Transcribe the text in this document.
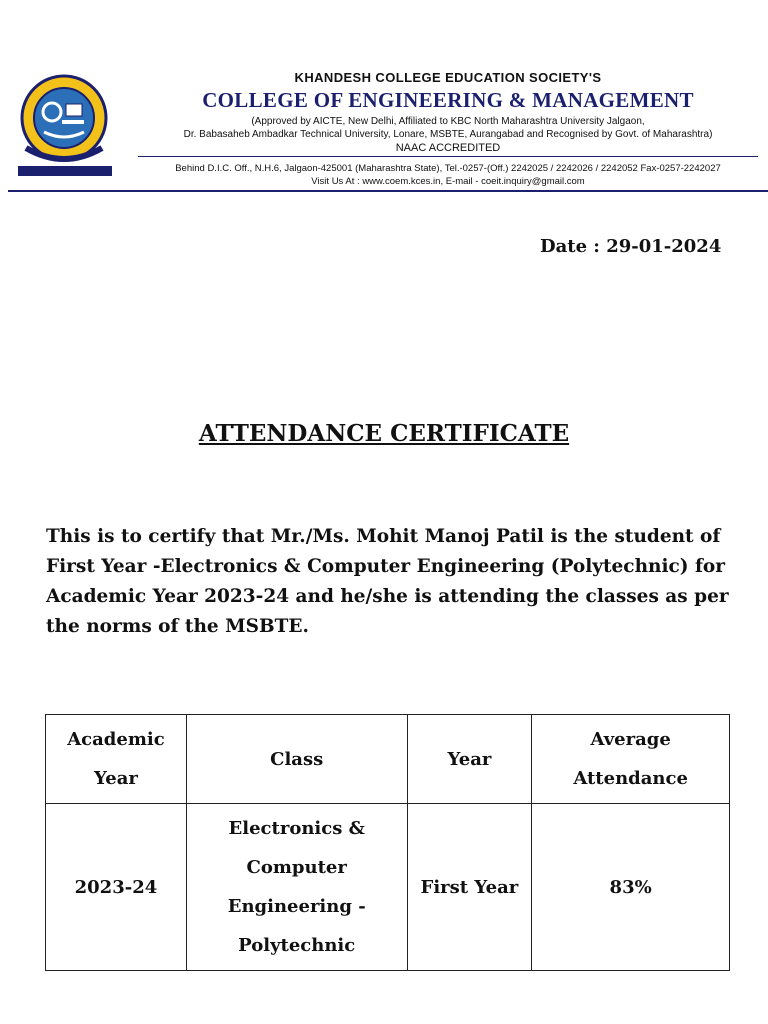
KHANDESH COLLEGE EDUCATION SOCIETY'S
COLLEGE OF ENGINEERING & MANAGEMENT
(Approved by AICTE, New Delhi, Affiliated to KBC North Maharashtra University Jalgaon,
Dr. Babasaheb Ambadkar Technical University, Lonare, MSBTE, Aurangabad and Recognised by Govt. of Maharashtra)
NAAC ACCREDITED
Behind D.I.C. Off., N.H.6, Jalgaon-425001 (Maharashtra State), Tel.-0257-(Off.) 2242025 / 2242026 / 2242052 Fax-0257-2242027
Visit Us At : www.coem.kces.in, E-mail - coeit.inquiry@gmail.com
Date : 29-01-2024
ATTENDANCE CERTIFICATE
This is to certify that Mr./Ms. Mohit Manoj Patil is the student of First Year -Electronics & Computer Engineering (Polytechnic) for Academic Year 2023-24 and he/she is attending the classes as per the norms of the MSBTE.
Academic Year	Class	Year	Average Attendance
2023-24	Electronics & Computer Engineering - Polytechnic	First Year	83%
